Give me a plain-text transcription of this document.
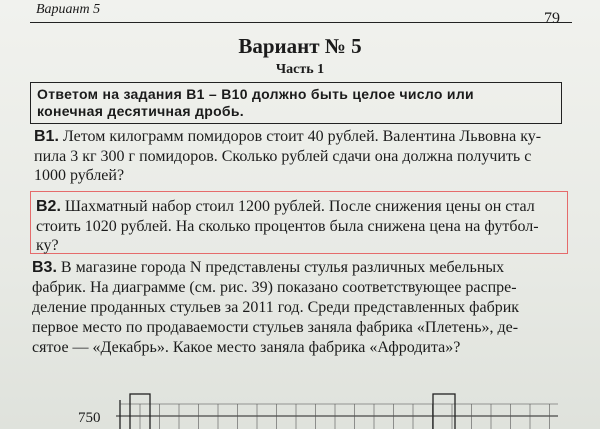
Вариант 5
79
Вариант № 5
Часть 1
Ответом на задания В1 – В10 должно быть целое число или
конечная десятичная дробь.
В1. Летом килограмм помидоров стоит 40 рублей. Валентина Львовна ку-
пила 3 кг 300 г помидоров. Сколько рублей сдачи она должна получить с
1000 рублей?
В2. Шахматный набор стоил 1200 рублей. После снижения цены он стал
стоить 1020 рублей. На сколько процентов была снижена цена на футбол-
ку?
В3. В магазине города N представлены стулья различных мебельных
фабрик. На диаграмме (см. рис. 39) показано соответствующее распре-
деление проданных стульев за 2011 год. Среди представленных фабрик
первое место по продаваемости стульев заняла фабрика «Плетень», де-
сятое — «Декабрь». Какое место заняла фабрика «Афродита»?
750
